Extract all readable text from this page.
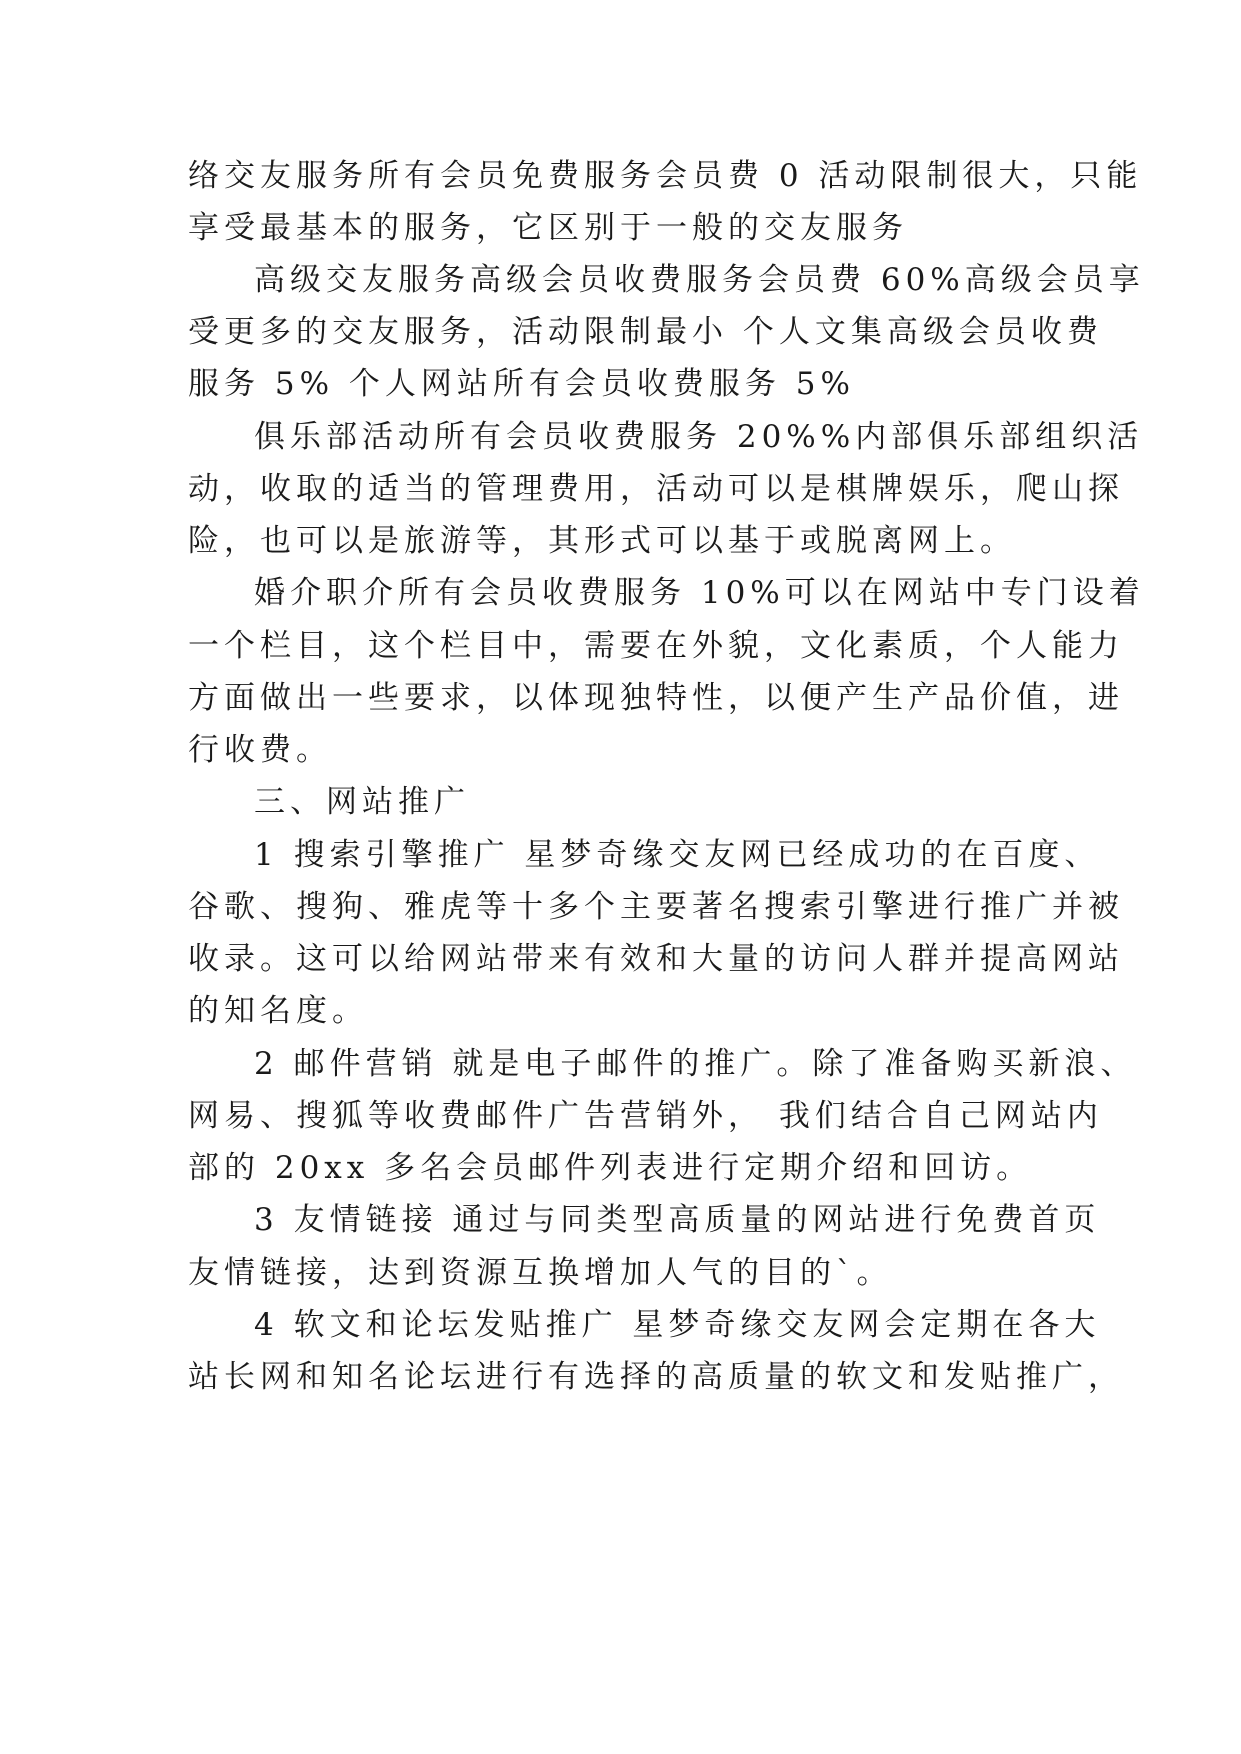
络交友服务所有会员免费服务会员费 0 活动限制很大，只能
享受最基本的服务，它区别于一般的交友服务
高级交友服务高级会员收费服务会员费 60%高级会员享
受更多的交友服务，活动限制最小 个人文集高级会员收费
服务 5% 个人网站所有会员收费服务 5%
俱乐部活动所有会员收费服务 20%%内部俱乐部组织活
动，收取的适当的管理费用，活动可以是棋牌娱乐，爬山探
险，也可以是旅游等，其形式可以基于或脱离网上。
婚介职介所有会员收费服务 10%可以在网站中专门设着
一个栏目，这个栏目中，需要在外貌，文化素质，个人能力
方面做出一些要求，以体现独特性，以便产生产品价值，进
行收费。
三、网站推广
1 搜索引擎推广 星梦奇缘交友网已经成功的在百度、
谷歌、搜狗、雅虎等十多个主要著名搜索引擎进行推广并被
收录。这可以给网站带来有效和大量的访问人群并提高网站
的知名度。
2 邮件营销 就是电子邮件的推广。除了准备购买新浪、
网易、搜狐等收费邮件广告营销外， 我们结合自己网站内
部的 20xx 多名会员邮件列表进行定期介绍和回访。
3 友情链接 通过与同类型高质量的网站进行免费首页
友情链接，达到资源互换增加人气的目的`。
4 软文和论坛发贴推广 星梦奇缘交友网会定期在各大
站长网和知名论坛进行有选择的高质量的软文和发贴推广，
